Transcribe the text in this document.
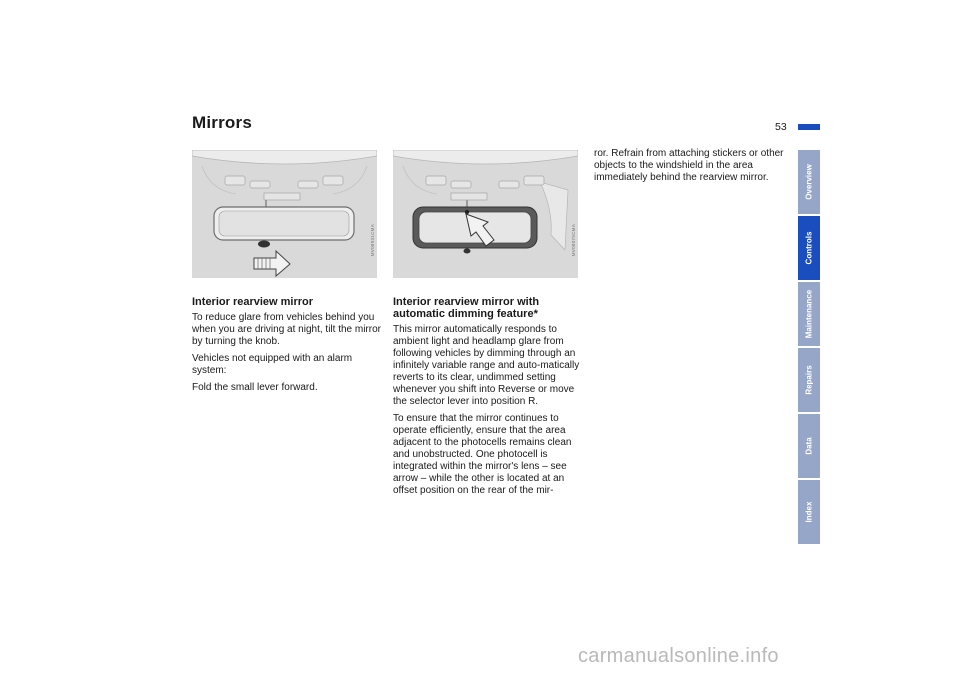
Mirrors	53
MV08931CMA	MV08079CMA
Interior rearview mirror

To reduce glare from vehicles behind you when you are driving at night, tilt the mirror by turning the knob.

Vehicles not equipped with an alarm system:

Fold the small lever forward.

Interior rearview mirror with automatic dimming feature*

This mirror automatically responds to ambient light and headlamp glare from following vehicles by dimming through an infinitely variable range and auto-matically reverts to its clear, undimmed setting whenever you shift into Reverse or move the selector lever into position R.

To ensure that the mirror continues to operate efficiently, ensure that the area adjacent to the photocells remains clean and unobstructed. One photocell is integrated within the mirror's lens – see arrow – while the other is located at an offset position on the rear of the mir-

ror. Refrain from attaching stickers or other objects to the windshield in the area immediately behind the rearview mirror.	Overview
Controls
Maintenance
Repairs
Data
Index
carmanualsonline.info
